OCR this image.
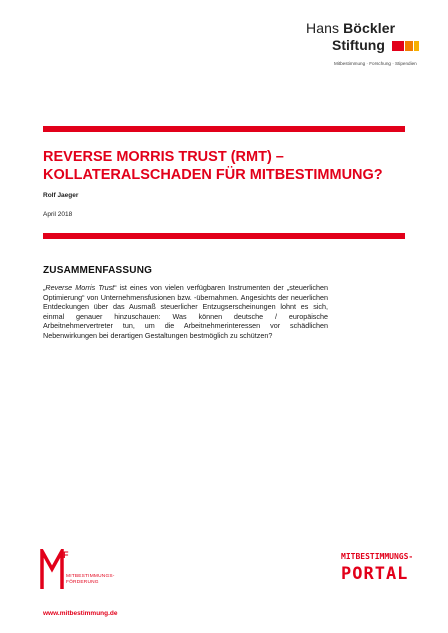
Hans Böckler
Stiftung
Mitbestimmung · Forschung · Stipendien
REVERSE MORRIS TRUST (RMT) – KOLLATERALSCHADEN FÜR MITBESTIMMUNG?
Rolf Jaeger
April 2018
ZUSAMMENFASSUNG

„Reverse Morris Trust“ ist eines von vielen verfügbaren Instrumenten der „steuerlichen Optimierung“ von Unternehmensfusionen bzw. -übernahmen. Angesichts der neuerlichen Entdeckungen über das Ausmaß steuerlicher Entzugserscheinungen lohnt es sich, einmal genauer hinzuschauen: Was können deutsche / europäische Arbeitnehmervertreter tun, um die Arbeitnehmerinteressen vor schädlichen Nebenwirkungen bei derartigen Gestaltungen bestmöglich zu schützen?

F
MITBESTIMMUNGS-
FÖRDERUNG
MITBESTIMMUNGS-
PORTAL
www.mitbestimmung.de
